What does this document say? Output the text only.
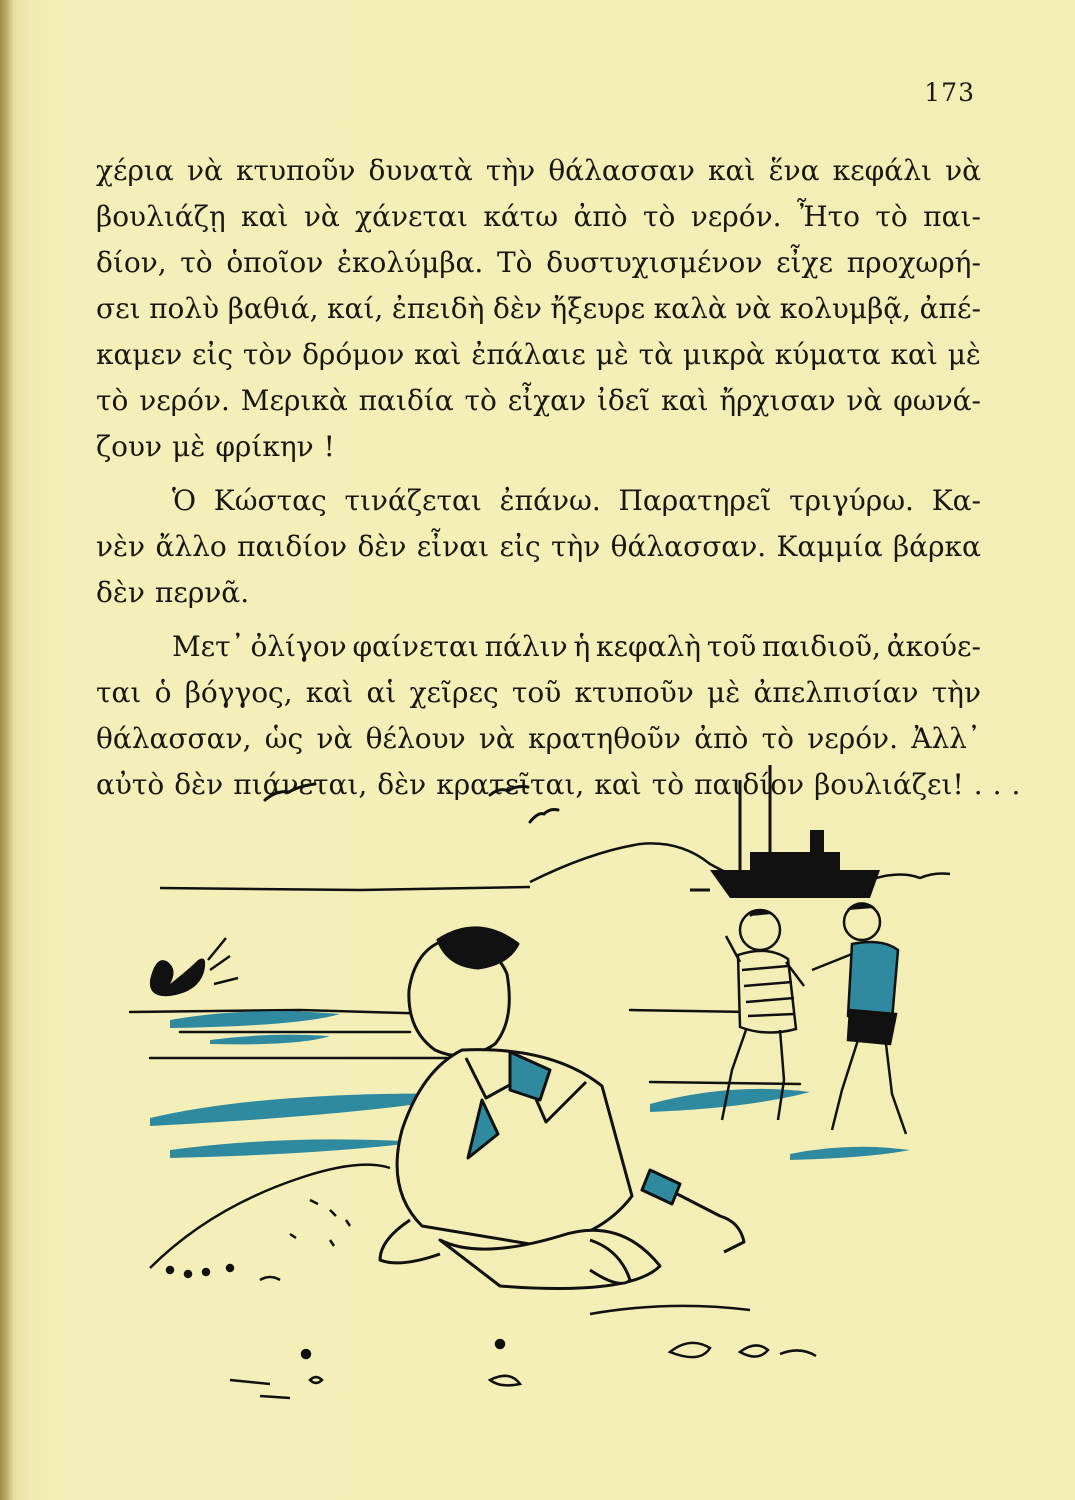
173
χέρια νὰ κτυποῦν δυνατὰ τὴν θάλασσαν καὶ ἕνα κεφάλι νὰ
βουλιάζῃ καὶ νὰ χάνεται κάτω ἀπὸ τὸ νερόν. Ἦτο τὸ παι-
δίον, τὸ ὁποῖον ἐκολύμβα. Τὸ δυστυχισμένον εἶχε προχωρή-
σει πολὺ βαθιά, καί, ἐπειδὴ δὲν ἤξευρε καλὰ νὰ κολυμβᾷ, ἀπέ-
καμεν εἰς τὸν δρόμον καὶ ἐπάλαιε μὲ τὰ μικρὰ κύματα καὶ μὲ
τὸ νερόν. Μερικὰ παιδία τὸ εἶχαν ἰδεῖ καὶ ἤρχισαν νὰ φωνά-
ζουν μὲ φρίκην !
Ὁ Κώστας τινάζεται ἐπάνω. Παρατηρεῖ τριγύρω. Κα-
νὲν ἄλλο παιδίον δὲν εἶναι εἰς τὴν θάλασσαν. Καμμία βάρκα
δὲν περνᾶ.
Μετ᾽ ὀλίγον φαίνεται πάλιν ἡ κεφαλὴ τοῦ παιδιοῦ, ἀκούε-
ται ὁ βόγγος, καὶ αἱ χεῖρες τοῦ κτυποῦν μὲ ἀπελπισίαν τὴν
θάλασσαν, ὡς νὰ θέλουν νὰ κρατηθοῦν ἀπὸ τὸ νερόν. Ἀλλ᾽
αὐτὸ δὲν πιάνεται, δὲν κρατεῖται, καὶ τὸ παιδίον βουλιάζει! . . .
